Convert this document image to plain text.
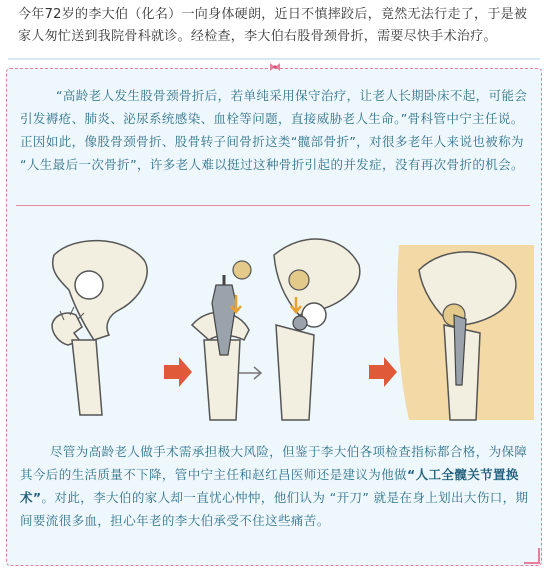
今年72岁的李大伯（化名）一向身体硬朗，近日不慎摔跤后，竟然无法行走了，于是被家人匆忙送到我院骨科就诊。经检查，李大伯右股骨颈骨折，需要尽快手术治疗。
“高龄老人发生股骨颈骨折后，若单纯采用保守治疗，让老人长期卧床不起，可能会引发褥疮、肺炎、泌尿系统感染、血栓等问题，直接威胁老人生命。”骨科管中宁主任说。正因如此，像股骨颈骨折、股骨转子间骨折这类“髋部骨折”，对很多老年人来说也被称为 “人生最后一次骨折”，许多老人难以挺过这种骨折引起的并发症，没有再次骨折的机会。
尽管为高龄老人做手术需承担极大风险，但鉴于李大伯各项检查指标都合格，为保障其今后的生活质量不下降，管中宁主任和赵红昌医师还是建议为他做“人工全髋关节置换术”。对此，李大伯的家人却一直忧心忡忡，他们认为 “开刀” 就是在身上划出大伤口，期间要流很多血，担心年老的李大伯承受不住这些痛苦。
